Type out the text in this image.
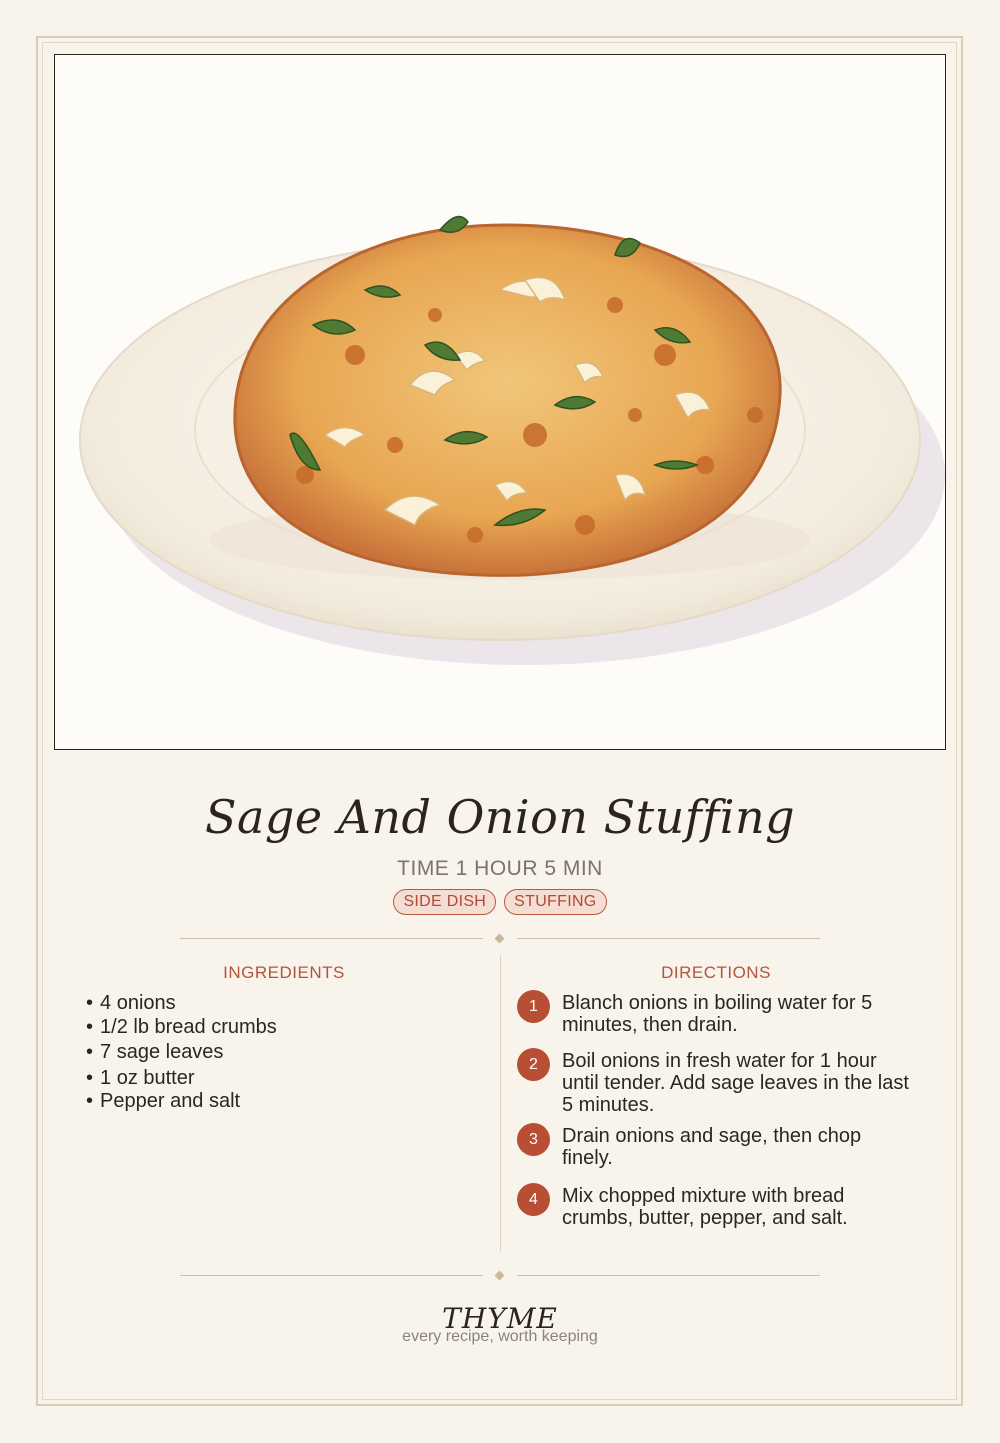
Sage And Onion Stuffing
TIME 1 HOUR 5 MIN
SIDE DISH	STUFFING
INGREDIENTS
• 4 onions
• 1/2 lb bread crumbs
• 7 sage leaves
• 1 oz butter
• Pepper and salt
DIRECTIONS
1	Blanch onions in boiling water for 5 minutes, then drain.
2	Boil onions in fresh water for 1 hour until tender. Add sage leaves in the last 5 minutes.
3	Drain onions and sage, then chop finely.
4	Mix chopped mixture with bread crumbs, butter, pepper, and salt.
THYME
every recipe, worth keeping
